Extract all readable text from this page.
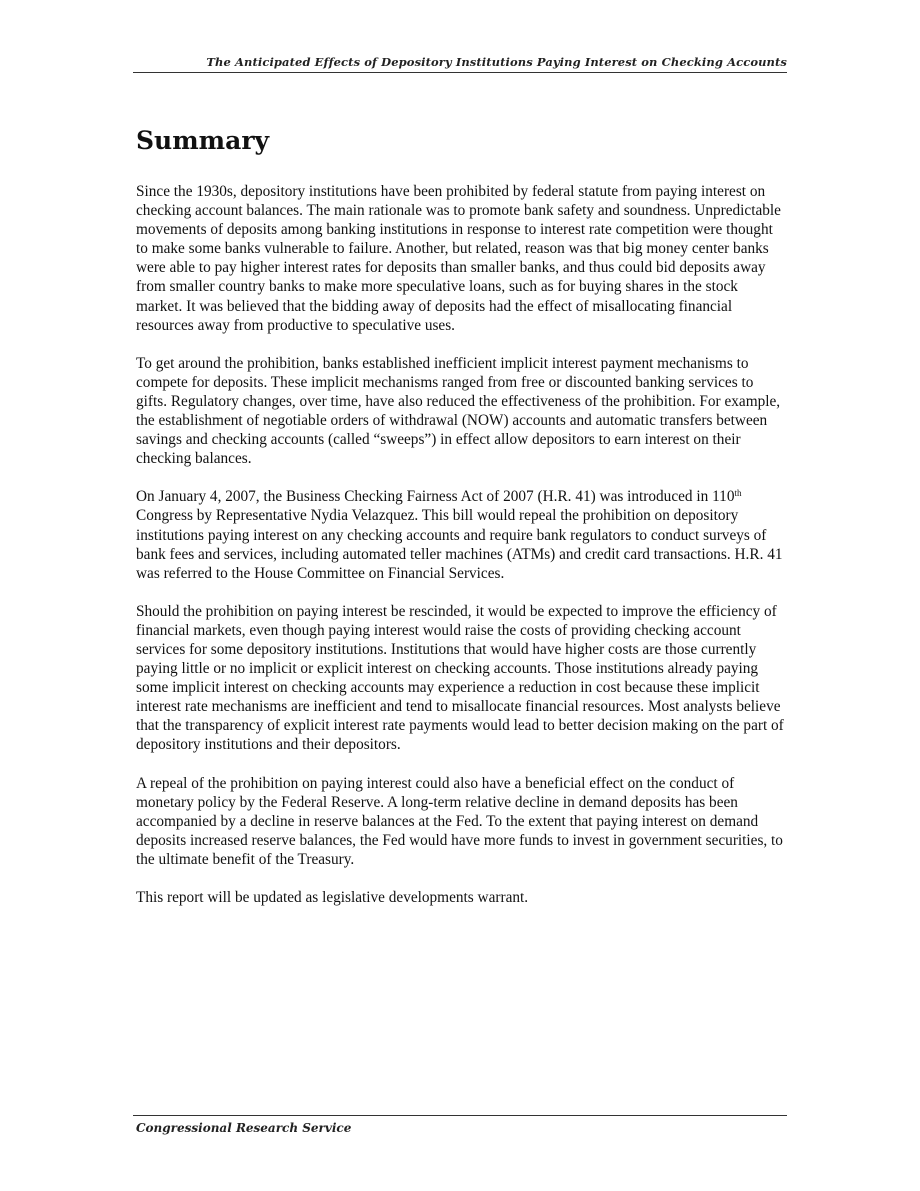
The Anticipated Effects of Depository Institutions Paying Interest on Checking Accounts
Summary

Since the 1930s, depository institutions have been prohibited by federal statute from paying interest on checking account balances. The main rationale was to promote bank safety and soundness. Unpredictable movements of deposits among banking institutions in response to interest rate competition were thought to make some banks vulnerable to failure. Another, but related, reason was that big money center banks were able to pay higher interest rates for deposits than smaller banks, and thus could bid deposits away from smaller country banks to make more speculative loans, such as for buying shares in the stock market. It was believed that the bidding away of deposits had the effect of misallocating financial resources away from productive to speculative uses.

To get around the prohibition, banks established inefficient implicit interest payment mechanisms to compete for deposits. These implicit mechanisms ranged from free or discounted banking services to gifts. Regulatory changes, over time, have also reduced the effectiveness of the prohibition. For example, the establishment of negotiable orders of withdrawal (NOW) accounts and automatic transfers between savings and checking accounts (called “sweeps”) in effect allow depositors to earn interest on their checking balances.

On January 4, 2007, the Business Checking Fairness Act of 2007 (H.R. 41) was introduced in 110th Congress by Representative Nydia Velazquez. This bill would repeal the prohibition on depository institutions paying interest on any checking accounts and require bank regulators to conduct surveys of bank fees and services, including automated teller machines (ATMs) and credit card transactions. H.R. 41 was referred to the House Committee on Financial Services.

Should the prohibition on paying interest be rescinded, it would be expected to improve the efficiency of financial markets, even though paying interest would raise the costs of providing checking account services for some depository institutions. Institutions that would have higher costs are those currently paying little or no implicit or explicit interest on checking accounts. Those institutions already paying some implicit interest on checking accounts may experience a reduction in cost because these implicit interest rate mechanisms are inefficient and tend to misallocate financial resources. Most analysts believe that the transparency of explicit interest rate payments would lead to better decision making on the part of depository institutions and their depositors.

A repeal of the prohibition on paying interest could also have a beneficial effect on the conduct of monetary policy by the Federal Reserve. A long-term relative decline in demand deposits has been accompanied by a decline in reserve balances at the Fed. To the extent that paying interest on demand deposits increased reserve balances, the Fed would have more funds to invest in government securities, to the ultimate benefit of the Treasury.

This report will be updated as legislative developments warrant.

Congressional Research Service
